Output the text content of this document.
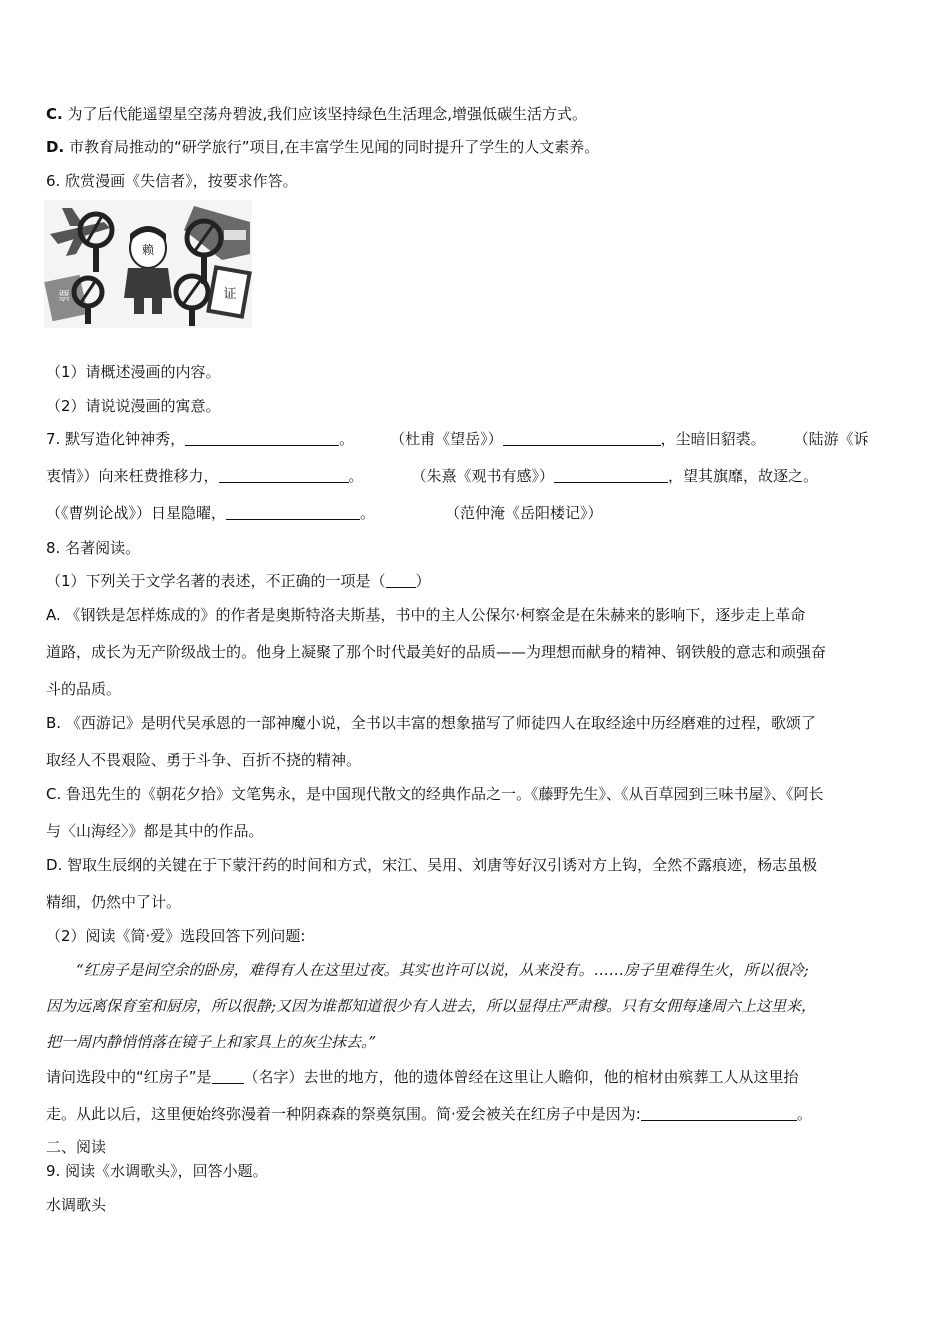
C. 为了后代能遥望星空荡舟碧波,我们应该坚持绿色生活理念,增强低碳生活方式。
D. 市教育局推动的“研学旅行”项目,在丰富学生见闻的同时提升了学生的人文素养。
6. 欣赏漫画《失信者》，按要求作答。
赖
票	证
（1）请概述漫画的内容。
（2）请说说漫画的寓意。
7. 默写造化钟神秀，	。 （杜甫《望岳》）	，尘暗旧貂裘。 （陆游《诉
衷情》）向来枉费推移力，	。	（朱熹《观书有感》）	，望其旗靡，故逐之。
（《曹刿论战》）日星隐曜，	。	（范仲淹《岳阳楼记》）
8. 名著阅读。
（1）下列关于文学名著的表述，不正确的一项是（ ）
A. 《钢铁是怎样炼成的》的作者是奥斯特洛夫斯基，书中的主人公保尔·柯察金是在朱赫来的影响下，逐步走上革命
道路，成长为无产阶级战士的。他身上凝聚了那个时代最美好的品质——为理想而献身的精神、钢铁般的意志和顽强奋
斗的品质。
B. 《西游记》是明代吴承恩的一部神魔小说，全书以丰富的想象描写了师徒四人在取经途中历经磨难的过程，歌颂了
取经人不畏艰险、勇于斗争、百折不挠的精神。
C. 鲁迅先生的《朝花夕拾》文笔隽永，是中国现代散文的经典作品之一。《藤野先生》、《从百草园到三味书屋》、《阿长
与〈山海经〉》都是其中的作品。
D. 智取生辰纲的关键在于下蒙汗药的时间和方式，宋江、吴用、刘唐等好汉引诱对方上钩，全然不露痕迹，杨志虽极
精细，仍然中了计。
（2）阅读《简·爱》选段回答下列问题:
“红房子是间空余的卧房，难得有人在这里过夜。其实也许可以说，从来没有。……房子里难得生火，所以很冷;
因为远离保育室和厨房，所以很静;又因为谁都知道很少有人进去，所以显得庄严肃穆。只有女佣每逢周六上这里来，
把一周内静悄悄落在镜子上和家具上的灰尘抹去。”
请问选段中的“红房子”是 （名字）去世的地方，他的遗体曾经在这里让人瞻仰，他的棺材由殡葬工人从这里抬
走。从此以后，这里便始终弥漫着一种阴森森的祭奠氛围。简·爱会被关在红房子中是因为:	。
二、阅读
9. 阅读《水调歌头》，回答小题。
水调歌头
